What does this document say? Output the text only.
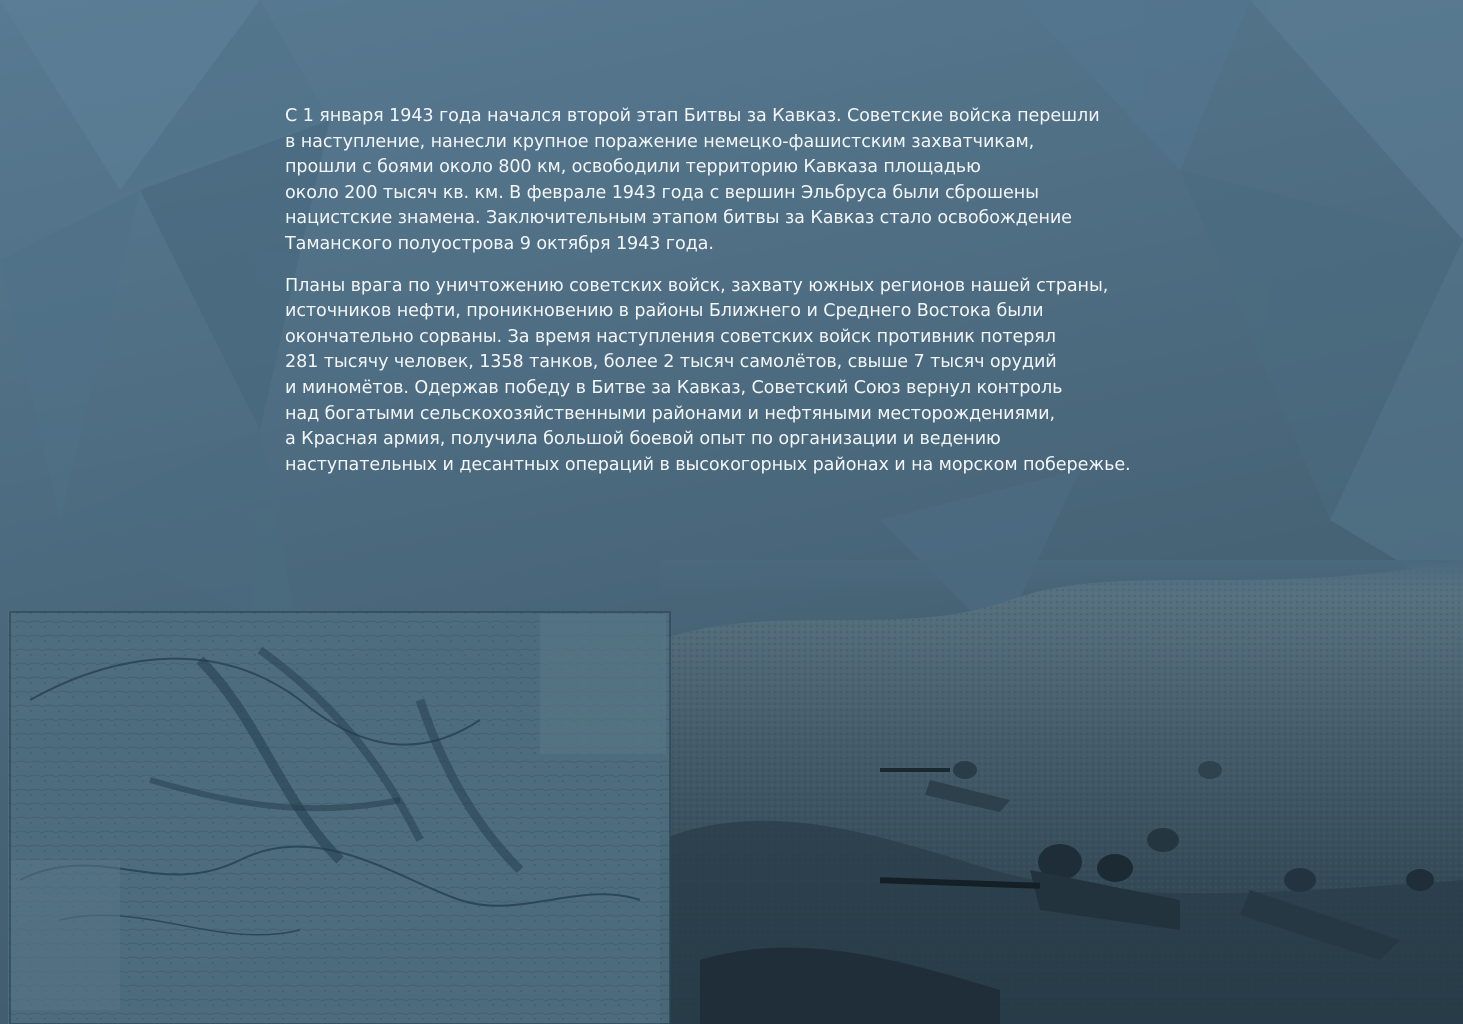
С 1 января 1943 года начался второй этап Битвы за Кавказ. Советские войска перешли

в наступление, нанесли крупное поражение немецко-фашистским захватчикам,

прошли с боями около 800 км, освободили территорию Кавказа площадью

около 200 тысяч кв. км. В феврале 1943 года с вершин Эльбруса были сброшены

нацистские знамена. Заключительным этапом битвы за Кавказ стало освобождение

Таманского полуострова 9 октября 1943 года.

Планы врага по уничтожению советских войск, захвату южных регионов нашей страны,

источников нефти, проникновению в районы Ближнего и Среднего Востока были

окончательно сорваны. За время наступления советских войск противник потерял

281 тысячу человек, 1358 танков, более 2 тысяч самолётов, свыше 7 тысяч орудий

и миномётов. Одержав победу в Битве за Кавказ, Советский Союз вернул контроль

над богатыми сельскохозяйственными районами и нефтяными месторождениями,

а Красная армия, получила большой боевой опыт по организации и ведению

наступательных и десантных операций в высокогорных районах и на морском побережье.
